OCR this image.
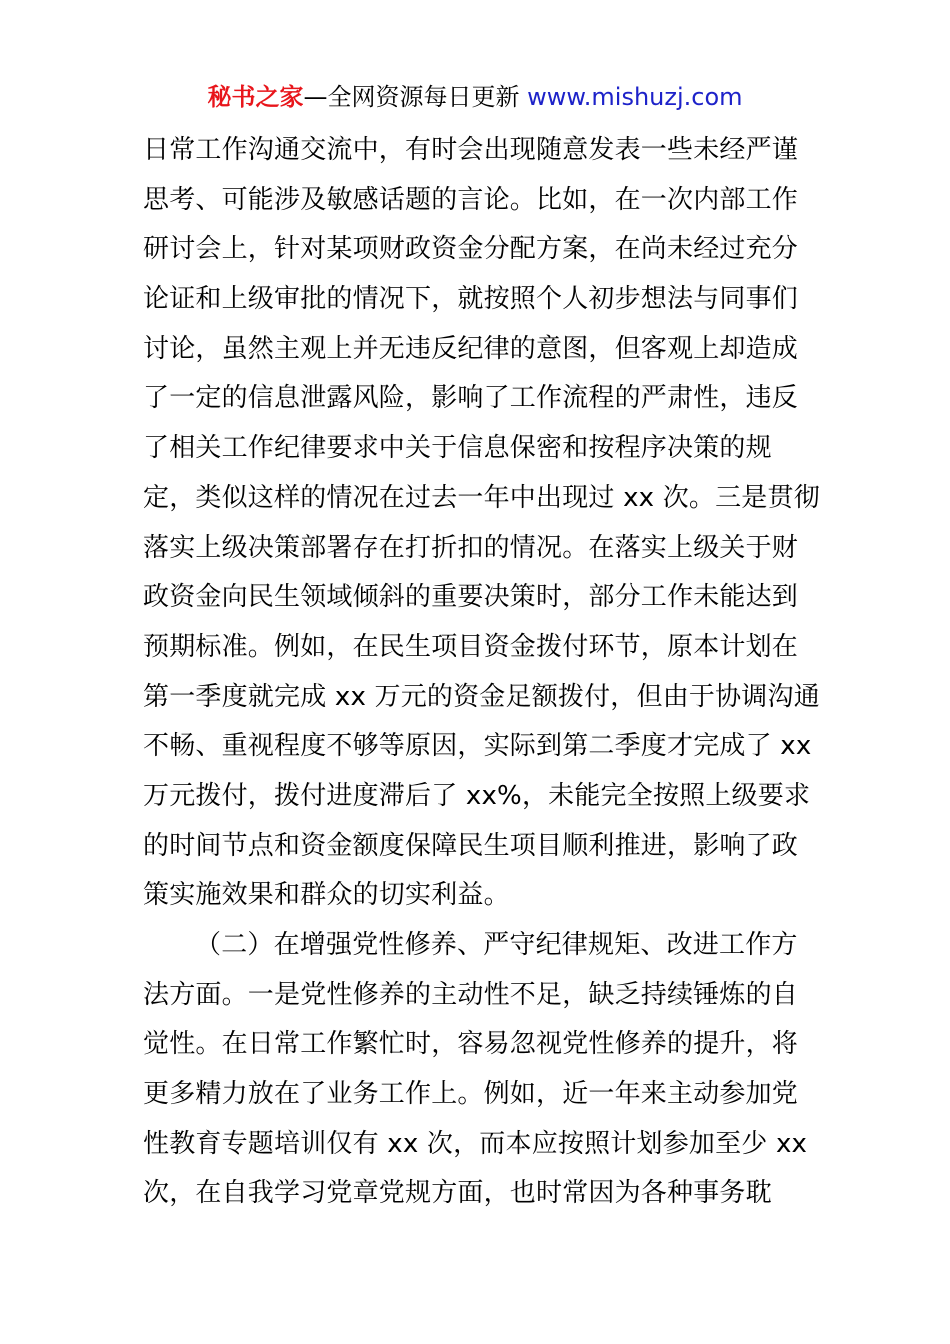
秘书之家—全网资源每日更新 www.mishuzj.com
日常工作沟通交流中，有时会出现随意发表一些未经严谨
思考、可能涉及敏感话题的言论。比如，在一次内部工作
研讨会上，针对某项财政资金分配方案，在尚未经过充分
论证和上级审批的情况下，就按照个人初步想法与同事们
讨论，虽然主观上并无违反纪律的意图，但客观上却造成
了一定的信息泄露风险，影响了工作流程的严肃性，违反
了相关工作纪律要求中关于信息保密和按程序决策的规
定，类似这样的情况在过去一年中出现过 xx 次。三是贯彻
落实上级决策部署存在打折扣的情况。在落实上级关于财
政资金向民生领域倾斜的重要决策时，部分工作未能达到
预期标准。例如，在民生项目资金拨付环节，原本计划在
第一季度就完成 xx 万元的资金足额拨付，但由于协调沟通
不畅、重视程度不够等原因，实际到第二季度才完成了 xx
万元拨付，拨付进度滞后了 xx%，未能完全按照上级要求
的时间节点和资金额度保障民生项目顺利推进，影响了政
策实施效果和群众的切实利益。
（二）在增强党性修养、严守纪律规矩、改进工作方
法方面。一是党性修养的主动性不足，缺乏持续锤炼的自
觉性。在日常工作繁忙时，容易忽视党性修养的提升，将
更多精力放在了业务工作上。例如，近一年来主动参加党
性教育专题培训仅有 xx 次，而本应按照计划参加至少 xx
次，在自我学习党章党规方面，也时常因为各种事务耽
